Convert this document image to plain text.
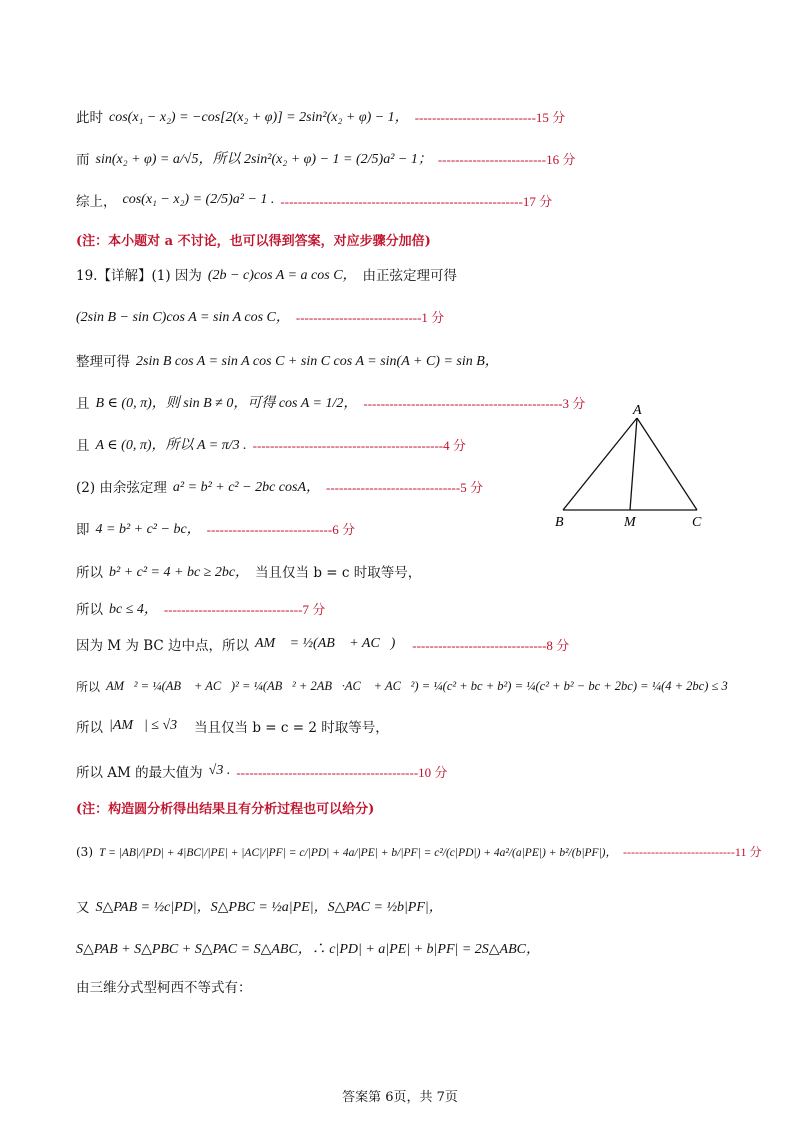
此时 cos(x₁ − x₂) = −cos[2(x₂ + φ)] = 2sin²(x₂ + φ) − 1， ----------------------------15 分
而 sin(x₂ + φ) = a/√5，所以 2sin²(x₂ + φ) − 1 = (2/5)a² − 1； -------------------------16 分
综上， cos(x₁ − x₂) = (2/5)a² − 1 . --------------------------------------------------------17 分
(注：本小题对 a 不讨论，也可以得到答案，对应步骤分加倍)
19.【详解】(1) 因为 (2b − c)cos A = a cos C， 由正弦定理可得
(2sin B − sin C)cos A = sin A cos C， -----------------------------1 分
整理可得 2sin B cos A = sin A cos C + sin C cos A = sin(A + C) = sin B，
且 B ∈ (0, π)，则 sin B ≠ 0，可得 cos A = 1/2， ----------------------------------------------3 分
且 A ∈ (0, π)，所以 A = π/3 . --------------------------------------------4 分
(2) 由余弦定理 a² = b² + c² − 2bc cosA， -------------------------------5 分
即 4 = b² + c² − bc， -----------------------------6 分
所以 b² + c² = 4 + bc ≥ 2bc， 当且仅当 b = c 时取等号，
所以 bc ≤ 4， --------------------------------7 分
因为 M 为 BC 边中点，所以 AM⃗ = ½(AB⃗ + AC⃗)， -------------------------------8 分
所以 AM⃗² = ¼(AB⃗ + AC⃗)² = ¼(AB⃗² + 2AB⃗·AC⃗ + AC⃗²) = ¼(c² + bc + b²) = ¼(c² + b² − bc + 2bc) = ¼(4 + 2bc) ≤ 3，
所以 |AM⃗| ≤ √3， 当且仅当 b = c = 2 时取等号，
所以 AM 的最大值为 √3 . ------------------------------------------10 分
(注：构造圆分析得出结果且有分析过程也可以给分)
(3) T = |AB|/|PD| + 4|BC|/|PE| + |AC|/|PF| = c/|PD| + 4a/|PE| + b/|PF| = c²/(c|PD|) + 4a²/(a|PE|) + b²/(b|PF|)， ----------------------------11 分
又 S△PAB = ½c|PD|，S△PBC = ½a|PE|，S△PAC = ½b|PF|，
S△PAB + S△PBC + S△PAC = S△ABC，∴ c|PD| + a|PE| + b|PF| = 2S△ABC，
由三维分式型柯西不等式有：
A
B	M	C
答案第 6页，共 7页
